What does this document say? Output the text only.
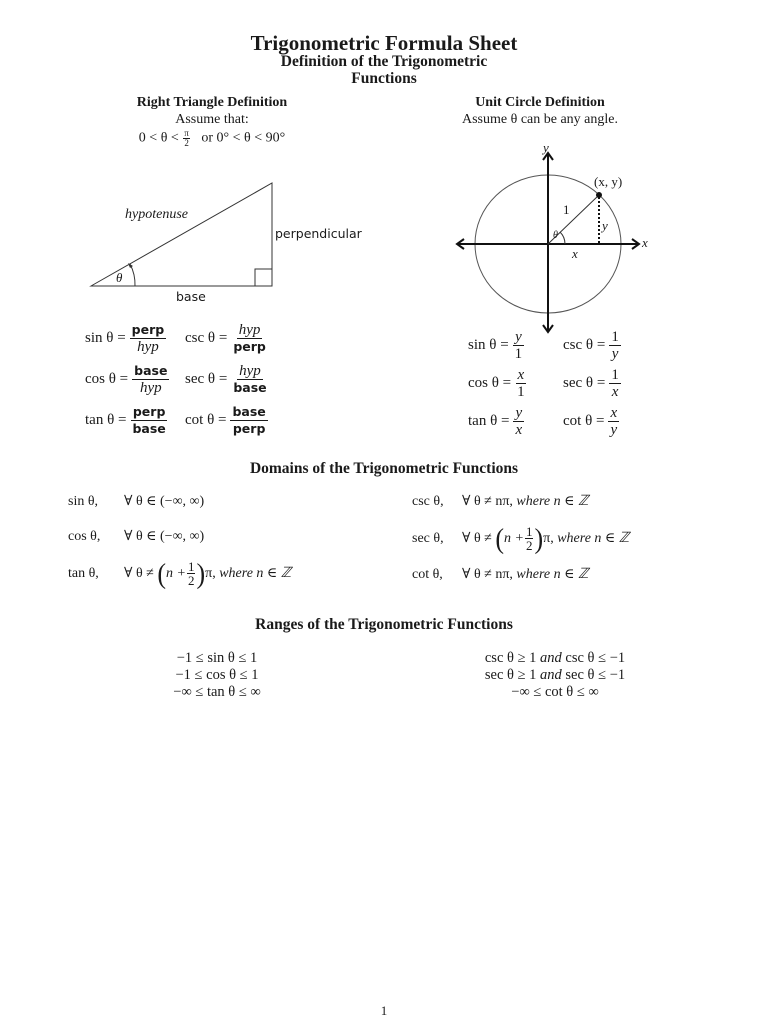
Trigonometric Formula Sheet
Definition of the Trigonometric
Functions
Right Triangle Definition
Assume that:
$0 < \theta < \frac{\pi}{2}$ or 0° < θ < 90°
Unit Circle Definition
Assume θ can be any angle.
hypotenuse
perpendicular
base
θ
y
x
(x, y)
1
y
x
θ
$\sin \theta = \frac{\text{perp}}{\text{hyp}}$ $\csc \theta = \frac{\text{hyp}}{\text{perp}}$
$\cos \theta = \frac{\text{base}}{\text{hyp}}$ $\sec \theta = \frac{\text{hyp}}{\text{base}}$
$\tan \theta = \frac{\text{perp}}{\text{base}}$ $\cot \theta = \frac{\text{base}}{\text{perp}}$
$\sin \theta = \frac{y}{1}$	$\csc \theta = \frac{1}{y}$
$\cos \theta = \frac{x}{1}$ $\sec \theta = \frac{1}{x}$
$\tan \theta = \frac{y}{x}$	$\cot \theta = \frac{x}{y}$
Domains of the Trigonometric Functions
sin θ,	∀ θ ∈ (−∞, ∞)
cos θ,	∀ θ ∈ (−∞, ∞)
tan θ,	∀ θ ≠
( $n + \frac{1}{2}$ ) π,
where n ∈ ℤ
csc θ,	∀ θ ≠ nπ,
where n ∈ ℤ
sec θ,	∀ θ ≠
( $n + \frac{1}{2}$ ) π,
where n ∈ ℤ
cot θ,	∀ θ ≠ nπ,
where n ∈ ℤ
Ranges of the Trigonometric Functions
−1 ≤ sin θ ≤ 1
−1 ≤ cos θ ≤ 1
−∞ ≤ tan θ ≤ ∞
csc θ ≥ 1 and csc θ ≤ −1
sec θ ≥ 1 and sec θ ≤ −1
−∞ ≤ cot θ ≤ ∞
1
